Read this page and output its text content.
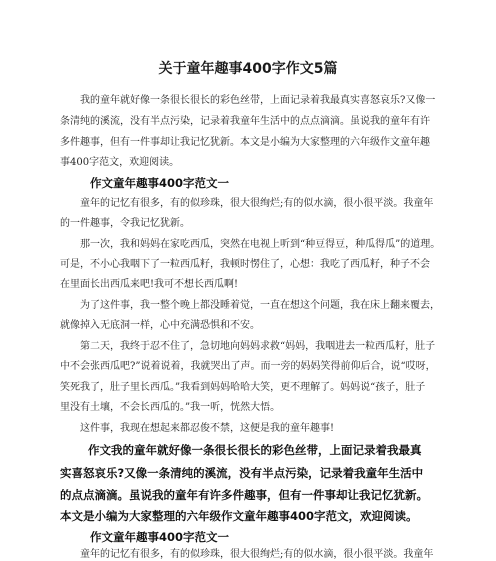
关于童年趣事400字作文5篇
我的童年就好像一条很长很长的彩色丝带，上面记录着我最真实喜怒哀乐?又像一
条清纯的溪流，没有半点污染，记录着我童年生活中的点点滴滴。虽说我的童年有许
多件趣事，但有一件事却让我记忆犹新。本文是小编为大家整理的六年级作文童年趣
事400字范文，欢迎阅读。
作文童年趣事400字范文一
童年的记忆有很多，有的似珍珠，很大很绚烂;有的似水滴，很小很平淡。我童年
的一件趣事，令我记忆犹新。
那一次，我和妈妈在家吃西瓜，突然在电视上听到“种豆得豆，种瓜得瓜”的道理。
可是，不小心我咽下了一粒西瓜籽，我顿时愣住了，心想：我吃了西瓜籽，种子不会
在里面长出西瓜来吧!我可不想长西瓜啊!
为了这件事，我一整个晚上都没睡着觉，一直在想这个问题，我在床上翻来覆去，
就像掉入无底洞一样，心中充满恐惧和不安。
第二天，我终于忍不住了，急切地向妈妈求救“妈妈，我咽进去一粒西瓜籽，肚子
中不会张西瓜吧?”说着说着，我就哭出了声。而一旁的妈妈笑得前仰后合，说“哎呀，
笑死我了，肚子里长西瓜。”我看到妈妈哈哈大笑，更不理解了。妈妈说“孩子，肚子
里没有土壤，不会长西瓜的。”我一听，恍然大悟。
这件事，我现在想起来都忍俊不禁，这便是我的童年趣事!
作文我的童年就好像一条很长很长的彩色丝带，上面记录着我最真
实喜怒哀乐?又像一条清纯的溪流，没有半点污染，记录着我童年生活中
的点点滴滴。虽说我的童年有许多件趣事，但有一件事却让我记忆犹新。
本文是小编为大家整理的六年级作文童年趣事400字范文，欢迎阅读。
作文童年趣事400字范文一
童年的记忆有很多，有的似珍珠，很大很绚烂;有的似水滴，很小很平淡。我童年
